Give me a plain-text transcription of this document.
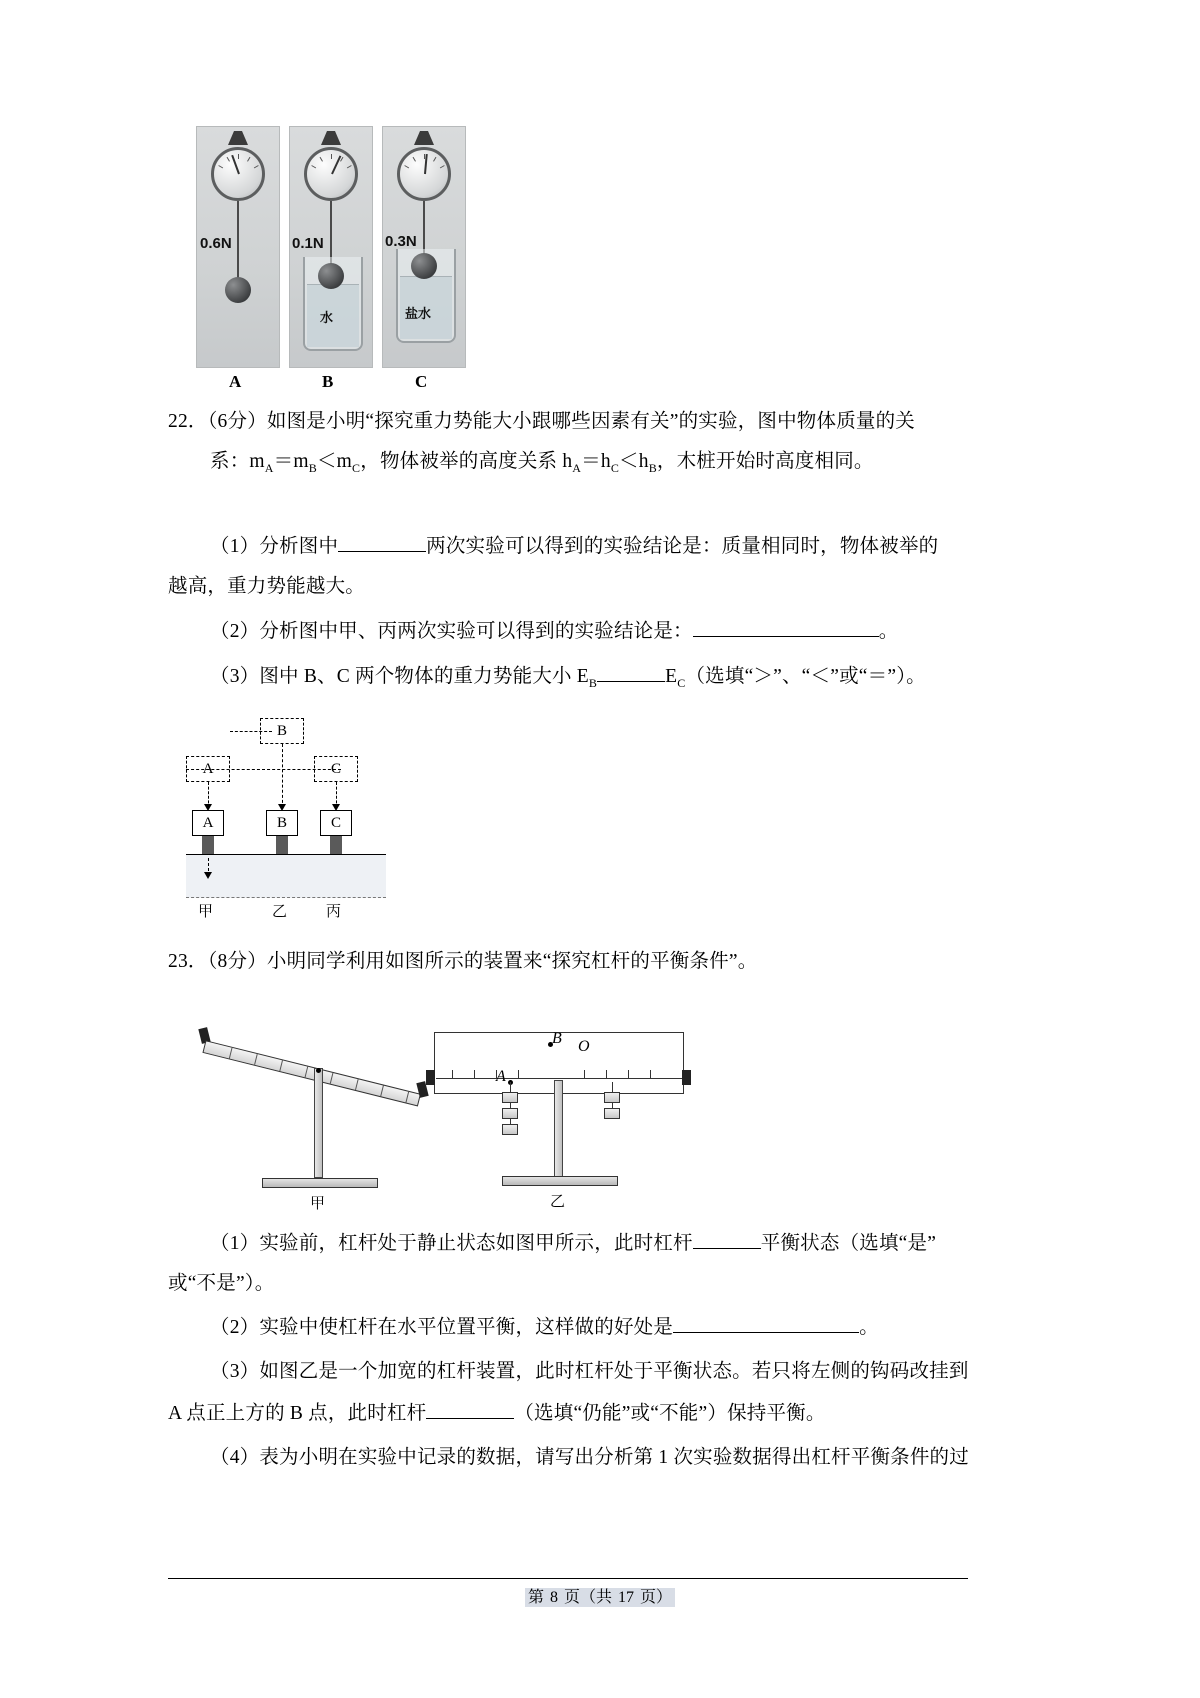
0.6N	0.1N
水
0.3N
盐水
A	B	C
22．（6分）如图是小明“探究重力势能大小跟哪些因素有关”的实验，图中物体质量的关
系：$m_A=m_B<m_C$，物体被举的高度关系 $h_A=h_C<h_B$，木桩开始时高度相同。
（1）分析图中	两次实验可以得到的实验结论是：质量相同时，物体被举的
越高，重力势能越大。
（2）分析图中甲、丙两次实验可以得到的实验结论是：	。
（3）图中 B、C 两个物体的重力势能大小 $E_B$	$E_C$（选填“＞”、“＜”或“＝”）。
B
A	C
A	B	C
甲	乙	丙
23．（8分）小明同学利用如图所示的装置来“探究杠杆的平衡条件”。
甲
B O
A
乙
（1）实验前，杠杆处于静止状态如图甲所示，此时杠杆	平衡状态（选填“是”
或“不是”）。
（2）实验中使杠杆在水平位置平衡，这样做的好处是	。
（3）如图乙是一个加宽的杠杆装置，此时杠杆处于平衡状态。若只将左侧的钩码改挂到
A 点正上方的 B 点，此时杠杆	（选填“仍能”或“不能”）保持平衡。
（4）表为小明在实验中记录的数据，请写出分析第 1 次实验数据得出杠杆平衡条件的过
第 8 页（共 17 页）
